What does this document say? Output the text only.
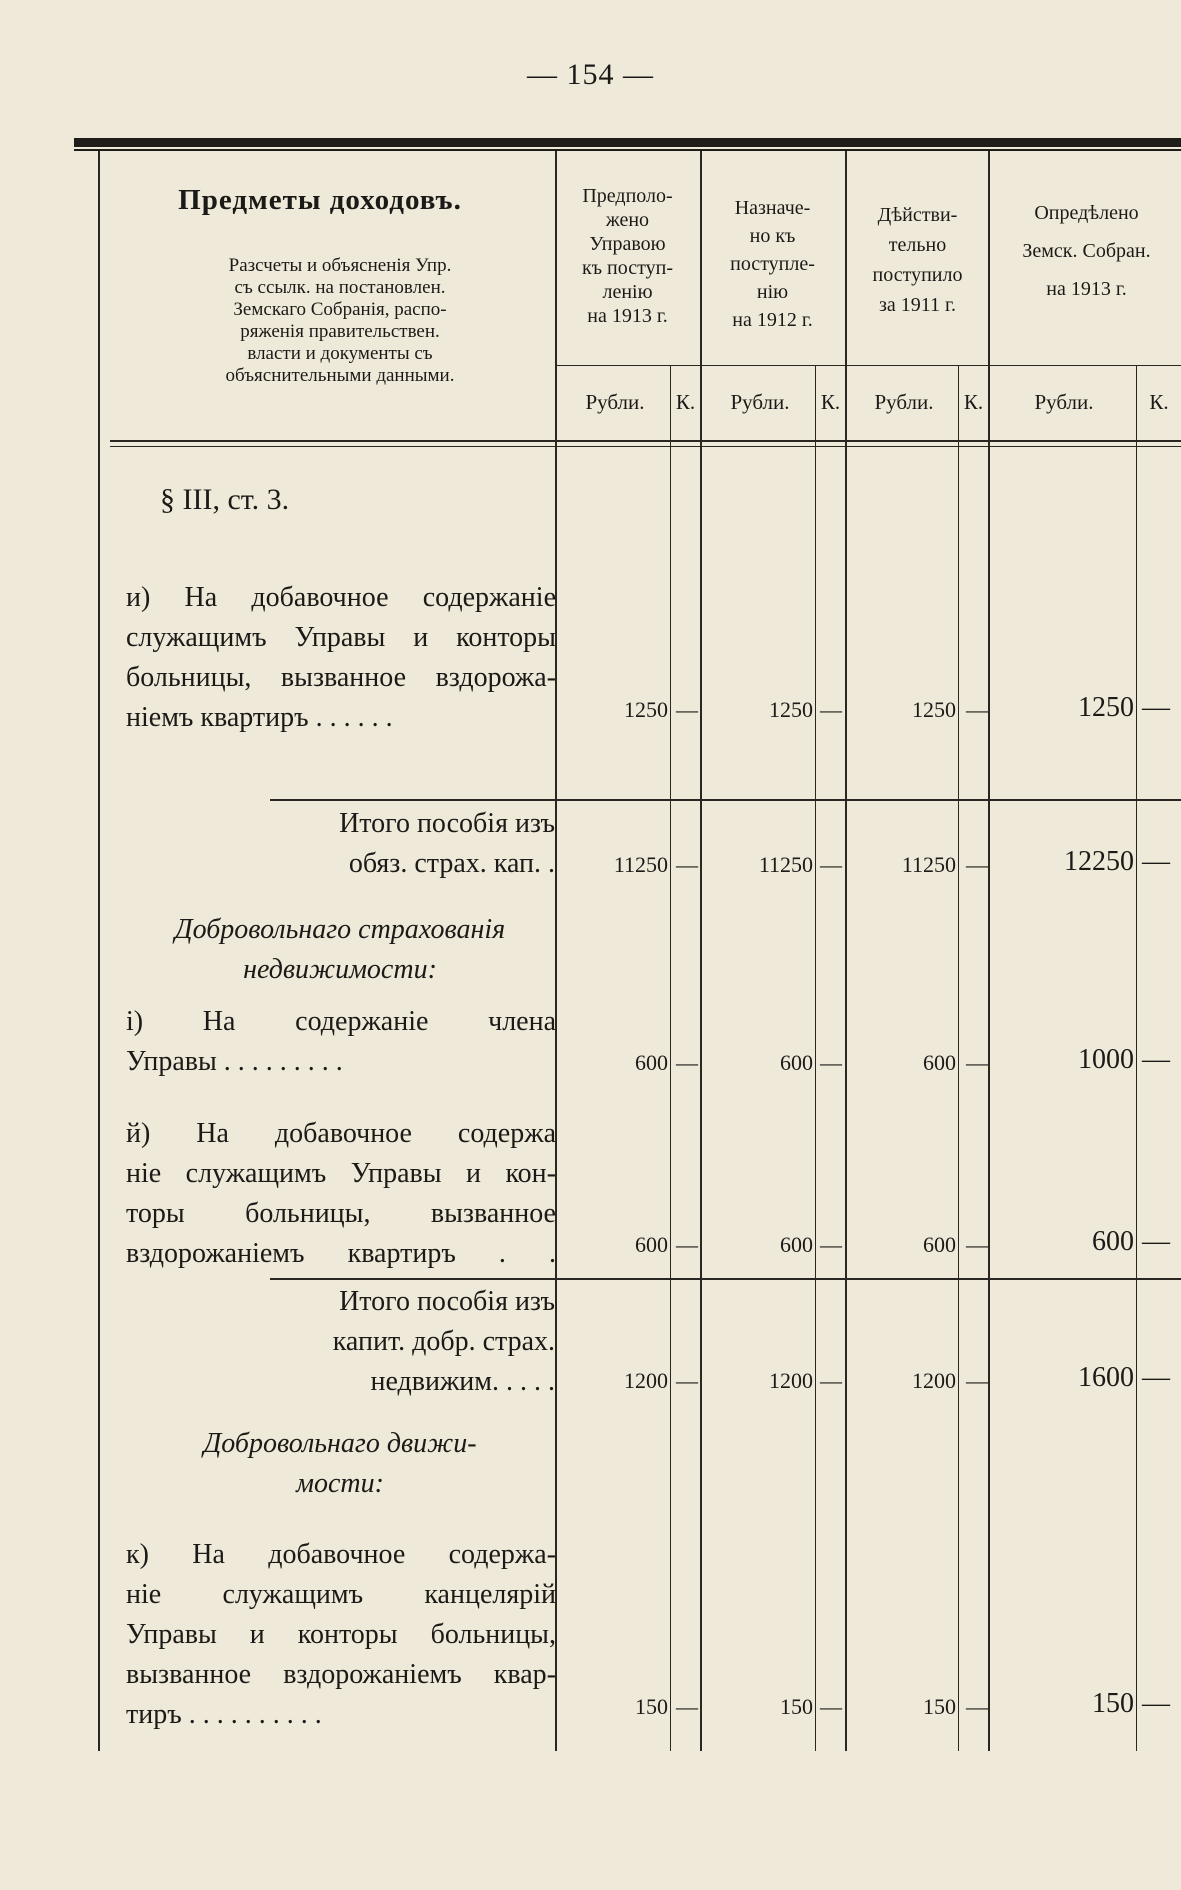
— 154 —
Предметы доходовъ.
Разсчеты и объясненія Упр.
съ ссылк. на постановлен.
Земскаго Собранія, распо-
ряженія правительствен.
власти и документы съ
объяснительными данными.
Предполо-
жено
Управою
къ поступ-
ленію
на 1913 г.
Назначе-
но къ
поступле-
нію
на 1912 г.
Дѣйстви-
тельно
поступило
за 1911 г.
Опредѣлено
Земск. Собран.
на 1913 г.
Рубли.	К.	Рубли.	К.	Рубли.	К.	Рубли.	К.
§ III, ст. 3.
и) На добавочное содержаніе
служащимъ Управы и конторы
больницы, вызванное вздорожа-
ніемъ квартиръ . . . . . .	1250 —	1250 —	1250 —	1250 —
Итого пособія изъ
обяз. страх. кап. .	11250 —	11250 —	11250 —	12250 —
Добровольнаго страхованія
недвижимости:
і) На содержаніе члена
Управы . . . . . . . . .	600 —	600 —	600 —	1000 —
й) На добавочное содержа
ніе служащимъ Управы и кон-
торы больницы, вызванное
вздорожаніемъ квартиръ . .	600 —	600 —	600 —	600 —
Итого пособія изъ
капит. добр. страх.
недвижим. . . . .	1200 —	1200 —	1200 —	1600 —
Добровольнаго движи-
мости:
к) На добавочное содержа-
ніе служащимъ канцелярій
Управы и конторы больницы,
вызванное вздорожаніемъ квар-
тиръ . . . . . . . . . .	150 —	150 —	150 —	150 —
